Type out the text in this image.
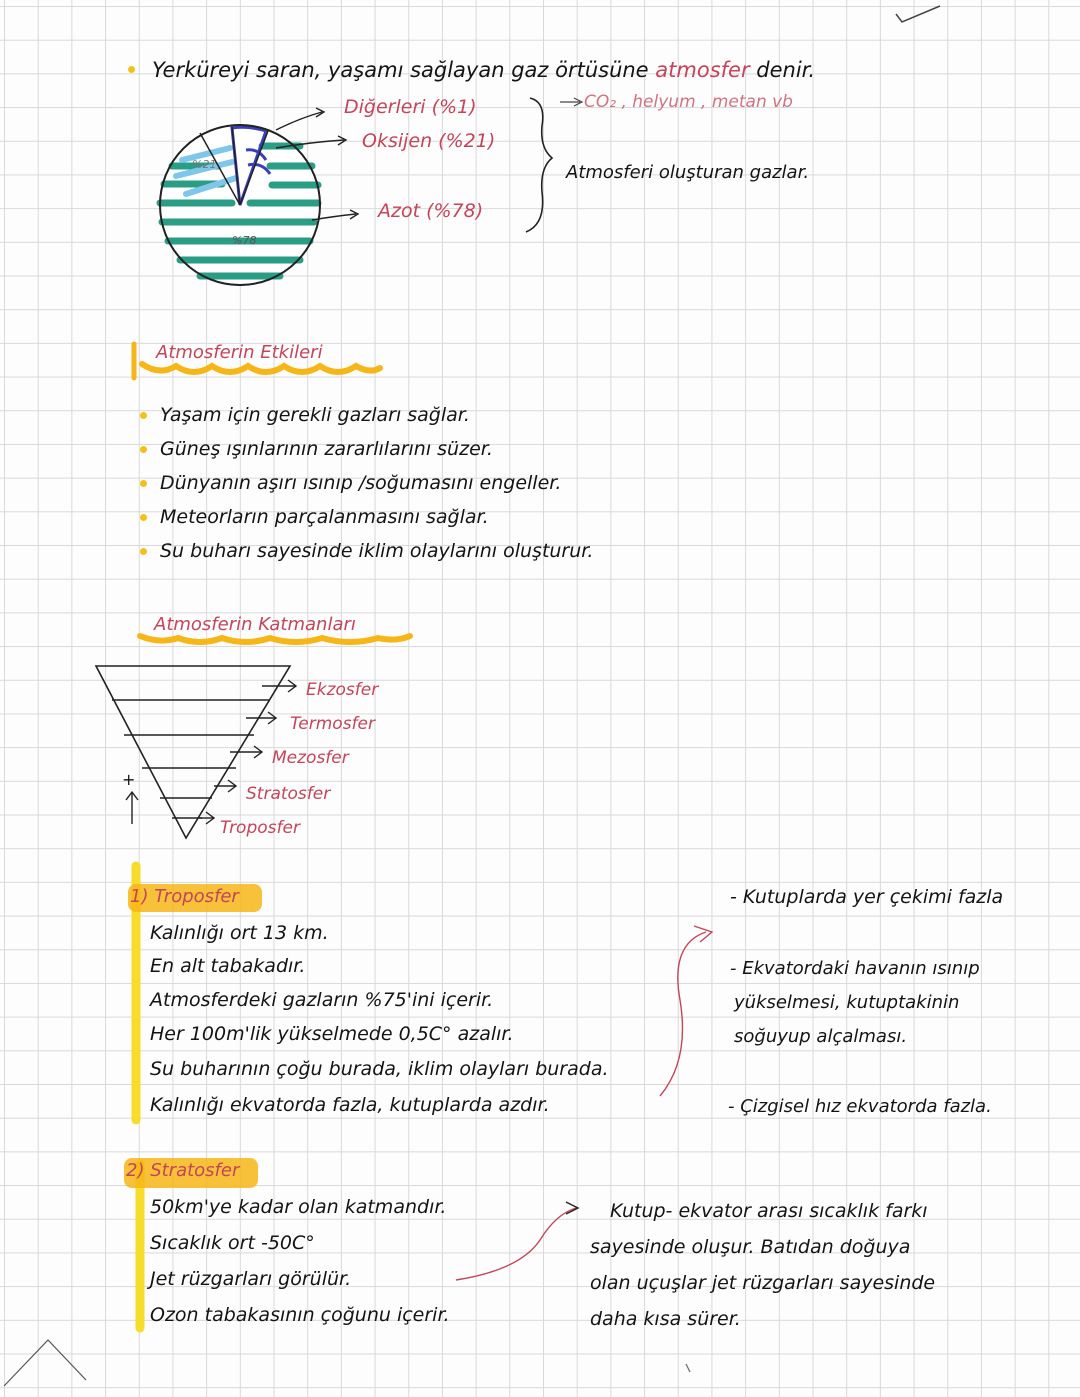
Yerküreyi saran, yaşamı sağlayan gaz örtüsüne atmosfer denir.
Diğerleri (%1)	CO₂ , helyum , metan vb
Oksijen (%21)
Atmosferi oluşturan gazlar.
Azot (%78)
%21
%78
Atmosferin Etkileri
Yaşam için gerekli gazları sağlar.
Güneş ışınlarının zararlılarını süzer.
Dünyanın aşırı ısınıp /soğumasını engeller.
Meteorların parçalanmasını sağlar.
Su buharı sayesinde iklim olaylarını oluşturur.
Atmosferin Katmanları
Ekzosfer
Termosfer
Mezosfer
Stratosfer
Troposfer
+
1) Troposfer
Kalınlığı ort 13 km.
En alt tabakadır.
Atmosferdeki gazların %75'ini içerir.
Her 100m'lik yükselmede 0,5C° azalır.
Su buharının çoğu burada, iklim olayları burada.
Kalınlığı ekvatorda fazla, kutuplarda azdır.
- Kutuplarda yer çekimi fazla
- Ekvatordaki havanın ısınıp
yükselmesi, kutuptakinin
soğuyup alçalması.
- Çizgisel hız ekvatorda fazla.
2) Stratosfer
50km'ye kadar olan katmandır.
Sıcaklık ort -50C°
Jet rüzgarları görülür.
Ozon tabakasının çoğunu içerir.
Kutup- ekvator arası sıcaklık farkı
sayesinde oluşur. Batıdan doğuya
olan uçuşlar jet rüzgarları sayesinde
daha kısa sürer.
